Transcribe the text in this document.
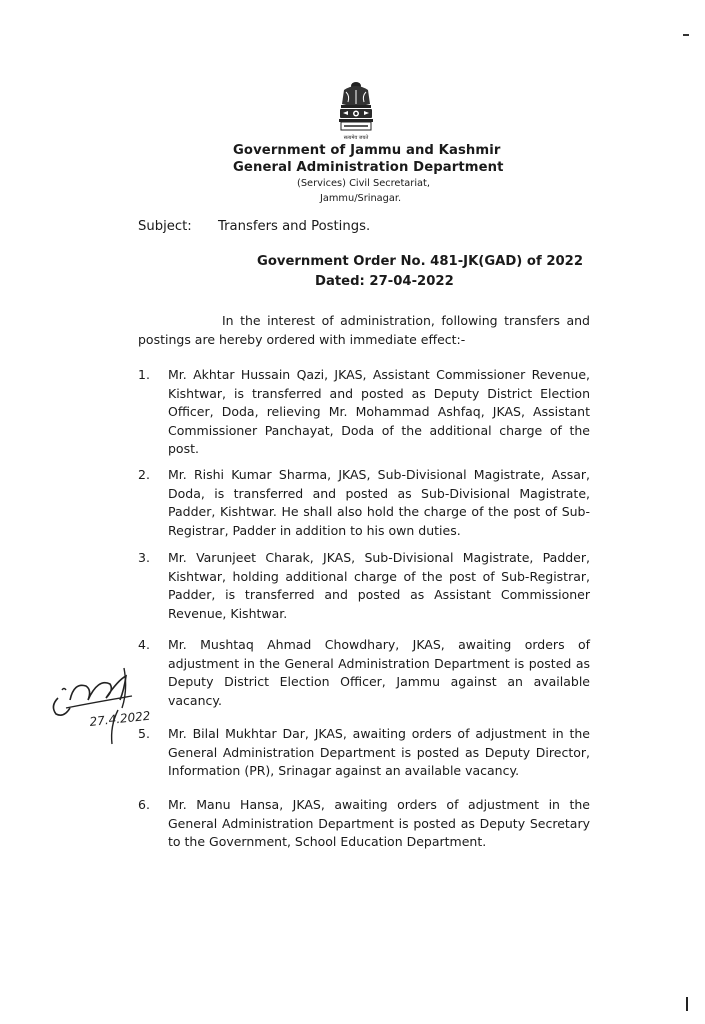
सत्यमेव जयते
Government of Jammu and Kashmir
General Administration Department
(Services) Civil Secretariat,
Jammu/Srinagar.
Subject: Transfers and Postings.
Government Order No. 481-JK(GAD) of 2022
Dated: 27-04-2022
In the interest of administration, following transfers and postings are hereby ordered with immediate effect:-
1. Mr. Akhtar Hussain Qazi, JKAS, Assistant Commissioner Revenue, Kishtwar, is transferred and posted as Deputy District Election Officer, Doda, relieving Mr. Mohammad Ashfaq, JKAS, Assistant Commissioner Panchayat, Doda of the additional charge of the post.
2. Mr. Rishi Kumar Sharma, JKAS, Sub-Divisional Magistrate, Assar, Doda, is transferred and posted as Sub-Divisional Magistrate, Padder, Kishtwar. He shall also hold the charge of the post of Sub-Registrar, Padder in addition to his own duties.
3. Mr. Varunjeet Charak, JKAS, Sub-Divisional Magistrate, Padder, Kishtwar, holding additional charge of the post of Sub-Registrar, Padder, is transferred and posted as Assistant Commissioner Revenue, Kishtwar.
4. Mr. Mushtaq Ahmad Chowdhary, JKAS, awaiting orders of adjustment in the General Administration Department is posted as Deputy District Election Officer, Jammu against an available vacancy.
5. Mr. Bilal Mukhtar Dar, JKAS, awaiting orders of adjustment in the General Administration Department is posted as Deputy Director, Information (PR), Srinagar against an available vacancy.
6. Mr. Manu Hansa, JKAS, awaiting orders of adjustment in the General Administration Department is posted as Deputy Secretary to the Government, School Education Department.
27.4.2022
